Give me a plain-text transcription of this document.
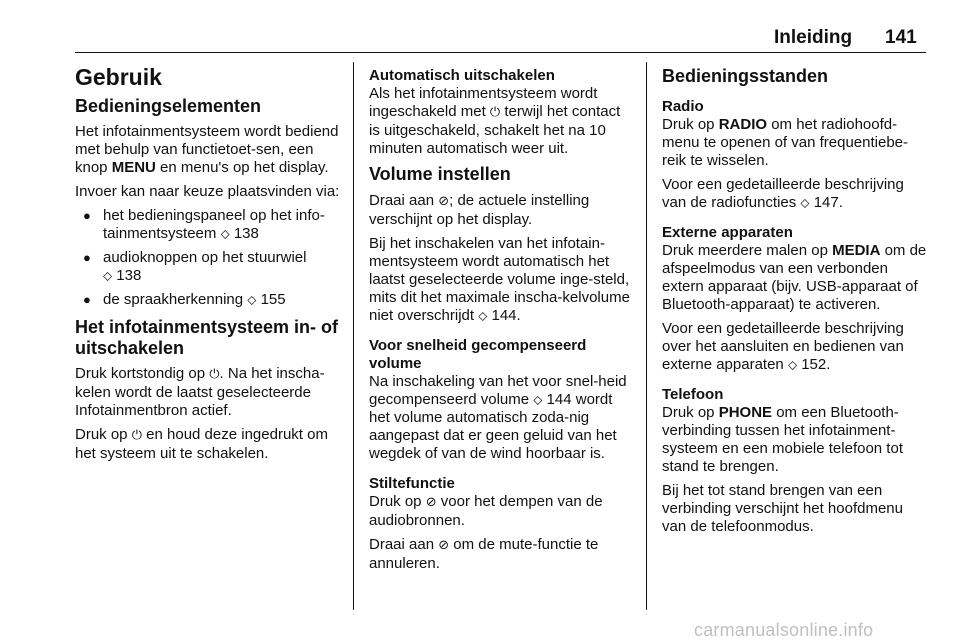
Inleiding 141
Gebruik
Bedieningselementen

Het infotainmentsysteem wordt bediend met behulp van functietoet-sen, een knop MENU en menu's op het display.

Invoer kan naar keuze plaatsvinden via:

● het bedieningspaneel op het info-tainmentsysteem ⬦ 138
● audioknoppen op het stuurwiel
⬦ 138
● de spraakherkenning ⬦ 155
Het infotainmentsysteem in- of uitschakelen

Druk kortstondig op ⏻. Na het inscha-kelen wordt de laatst geselecteerde Infotainmentbron actief.

Druk op ⏻ en houd deze ingedrukt om het systeem uit te schakelen.

Automatisch uitschakelen

Als het infotainmentsysteem wordt ingeschakeld met ⏻ terwijl het contact is uitgeschakeld, schakelt het na 10 minuten automatisch weer uit.

Volume instellen

Draai aan ⊘; de actuele instelling verschijnt op het display.

Bij het inschakelen van het infotain-mentsysteem wordt automatisch het laatst geselecteerde volume inge-steld, mits dit het maximale inscha-kelvolume niet overschrijdt ⬦ 144.

Voor snelheid gecompenseerd volume

Na inschakeling van het voor snel-heid gecompenseerd volume ⬦ 144 wordt het volume automatisch zoda-nig aangepast dat er geen geluid van het wegdek of van de wind hoorbaar is.

Stiltefunctie

Druk op ⊘ voor het dempen van de audiobronnen.

Draai aan ⊘ om de mute-functie te annuleren.

Bedieningsstanden
Radio

Druk op RADIO om het radiohoofd-menu te openen of van frequentiebe-reik te wisselen.

Voor een gedetailleerde beschrijving van de radiofuncties ⬦ 147.

Externe apparaten

Druk meerdere malen op MEDIA om de afspeelmodus van een verbonden extern apparaat (bijv. USB-apparaat of Bluetooth-apparaat) te activeren.

Voor een gedetailleerde beschrijving over het aansluiten en bedienen van externe apparaten ⬦ 152.

Telefoon

Druk op PHONE om een Bluetooth-verbinding tussen het infotainment-systeem en een mobiele telefoon tot stand te brengen.

Bij het tot stand brengen van een verbinding verschijnt het hoofdmenu van de telefoonmodus.

carmanualsonline.info
